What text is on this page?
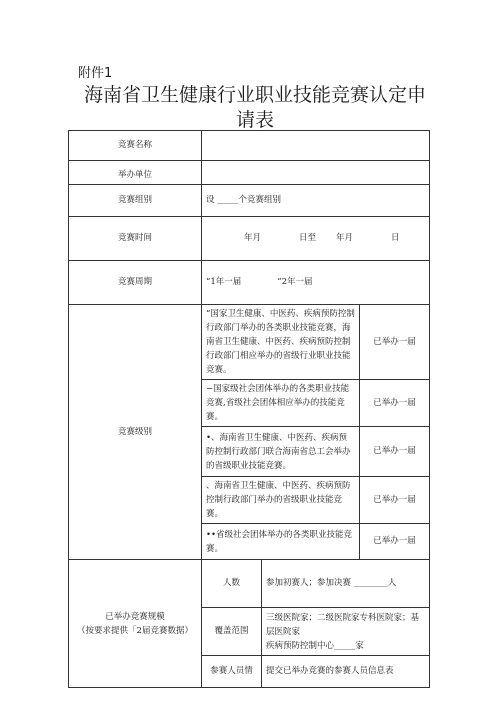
附件1
海南省卫生健康行业职业技能竞赛认定申
请表
竞赛名称			
举办单位			
竞赛组别	设 _____个竞赛组别		
竞赛时间	年月 日至 年月 日		
竞赛周期	“1年一届 ”2年一届		
竞赛级别	“国家卫生健康、中医药、疾病预防控制行政部门举办的各类职业技能竞赛，海南省卫生健康、中医药、疾病预防控制行政部门相应举办的省级行业职业技能竞赛。		已举办一届
	−国家级社会团体举办的各类职业技能竞赛,省级社会团体相应举办的技能竞赛。		已举办一届
	•、海南省卫生健康、中医药、疾病预防控制行政部门联合海南省总工会举办的省级职业技能竞赛。		已举办一届
	、海南省卫生健康、中医药、疾病预防控制行政部门举办的省级职业技能竞赛。		已举办一届
	••省级社会团体举办的各类职业技能竞赛。		已举办一届

已举办竞赛规模
（按要求提供「2届竞赛数据）	人数	参加初赛人；参加决赛 ________人	
	覆盖范围	三级医院家；二级医院家专科医院家；基层医院家
疾病预防控制中心_____家	

	参赛人员情	提交已举办竞赛的参赛人员信息表	
